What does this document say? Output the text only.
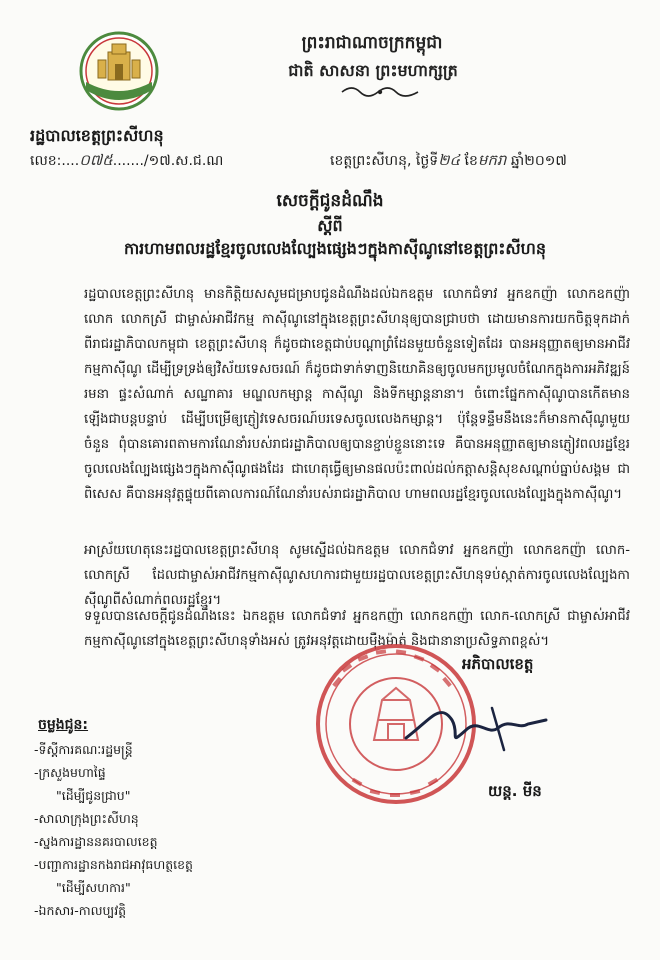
ព្រះរាជាណាចក្រកម្ពុជា
ជាតិ សាសនា ព្រះមហាក្សត្រ
រដ្ឋបាលខេត្តព្រះសីហនុ
លេខ:....០៧៥......./១៧.ស.ជ.ណ	ខេត្តព្រះសីហនុ, ថ្ងៃទី២៤ ខែមករា ឆ្នាំ២០១៧
សេចក្តីជូនដំណឹង
ស្តីពី
ការហាមពលរដ្ឋខ្មែរចូលលេងល្បែងផ្សេងៗក្នុងកាស៊ីណូនៅខេត្តព្រះសីហនុ
រដ្ឋបាលខេត្តព្រះសីហនុ មានកិត្តិយសសូមជម្រាបជូនដំណឹងដល់ឯកឧត្តម លោកជំទាវ អ្នកឧកញ៉ា លោកឧកញ៉ា លោក លោកស្រី ជាម្ចាស់អាជីវកម្ម កាស៊ីណូនៅក្នុងខេត្តព្រះសីហនុឲ្យបានជ្រាបថា ដោយមានការយកចិត្តទុកដាក់ពីរាជរដ្ឋាភិបាលកម្ពុជា ខេត្តព្រះសីហនុ ក៏ដូចជាខេត្តជាប់បណ្តាព្រំដែនមួយចំនួនទៀតដែរ បានអនុញ្ញាតឲ្យមានអាជីវកម្មកាស៊ីណូ ដើម្បីទ្រទ្រង់ឲ្យវិស័យទេសចរណ៍ ក៏ដូចជាទាក់ទាញនិយោគិនឲ្យចូលមកប្រមូលចំណែកក្នុងការអភិវឌ្ឍន៍រមនា ផ្ទះសំណាក់ សណ្ឋាគារ មណ្ឌលកម្សាន្ត កាស៊ីណូ និងទីកម្សាន្តនានា។ ចំពោះផ្នែកកាស៊ីណូបានកើតមានឡើងជាបន្តបន្ទាប់ ដើម្បីបម្រើឲ្យភ្ញៀវទេសចរណ៍បរទេសចូលលេងកម្សាន្ត។ ប៉ុន្តែទន្ទឹមនឹងនេះក៏មានកាស៊ីណូមួយចំនួន ពុំបានគោរពតាមការណែនាំរបស់រាជរដ្ឋាភិបាលឲ្យបានខ្ជាប់ខ្ជួននោះទេ គឺបានអនុញ្ញាតឲ្យមានភ្ញៀវពលរដ្ឋខ្មែរ ចូលលេងល្បែងផ្សេងៗក្នុងកាស៊ីណូផងដែរ ជាហេតុធ្វើឲ្យមានផលប៉ះពាល់ដល់កត្តាសន្តិសុខសណ្តាប់ធ្នាប់សង្គម ជាពិសេស គឺបានអនុវត្តផ្ទុយពីគោលការណ៍ណែនាំរបស់រាជរដ្ឋាភិបាល ហាមពលរដ្ឋខ្មែរចូលលេងល្បែងក្នុងកាស៊ីណូ។
អាស្រ័យហេតុនេះរដ្ឋបាលខេត្តព្រះសីហនុ សូមស្នើដល់ឯកឧត្តម លោកជំទាវ អ្នកឧកញ៉ា លោកឧកញ៉ា លោក-លោកស្រី ដែលជាម្ចាស់អាជីវកម្មកាស៊ីណូសហការជាមួយរដ្ឋបាលខេត្តព្រះសីហនុទប់ស្កាត់ការចូលលេងល្បែងកាស៊ីណូពីសំណាក់ពលរដ្ឋខ្មែរ។
ទទួលបានសេចក្តីជូនដំណឹងនេះ ឯកឧត្តម លោកជំទាវ អ្នកឧកញ៉ា លោកឧកញ៉ា លោក-លោកស្រី ជាម្ចាស់អាជីវកម្មកាស៊ីណូនៅក្នុងខេត្តព្រះសីហនុទាំងអស់ ត្រូវអនុវត្តដោយម៉ឺងម៉ាត់ និងជានានាប្រសិទ្ធភាពខ្ពស់។
អភិបាលខេត្ត
យន្ត. មីន
ចម្លងជូន:
-ទីស្តីការគណៈរដ្ឋមន្ត្រី
-ក្រសួងមហាផ្ទៃ
"ដើម្បីជូនជ្រាប"
-សាលាក្រុងព្រះសីហនុ
-ស្នងការដ្ឋាននគរបាលខេត្ត
-បញ្ជាការដ្ឋានកងរាជអាវុធហត្ថខេត្ត
"ដើម្បីសហការ"
-ឯកសារ-កាលប្បវត្តិ
